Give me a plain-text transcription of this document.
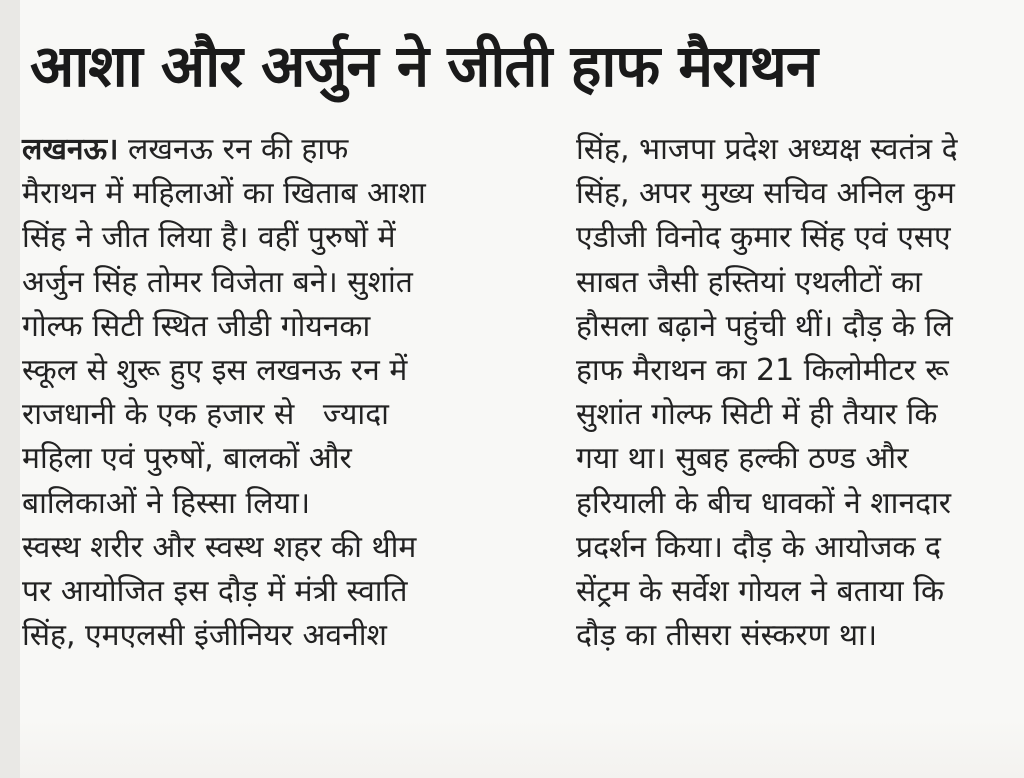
आशा और अर्जुन ने जीती हाफ मैराथन
लखनऊ। लखनऊ रन की हाफ
मैराथन में महिलाओं का खिताब आशा
सिंह ने जीत लिया है। वहीं पुरुषों में
अर्जुन सिंह तोमर विजेता बने। सुशांत
गोल्फ सिटी स्थित जीडी गोयनका
स्कूल से शुरू हुए इस लखनऊ रन में
राजधानी के एक हजार से   ज्यादा
महिला एवं पुरुषों, बालकों और
बालिकाओं ने हिस्सा लिया।
स्वस्थ शरीर और स्वस्थ शहर की थीम
पर आयोजित इस दौड़ में मंत्री स्वाति
सिंह, एमएलसी इंजीनियर अवनीश
सिंह, भाजपा प्रदेश अध्यक्ष स्वतंत्र दे
सिंह, अपर मुख्य सचिव अनिल कुम
एडीजी विनोद कुमार सिंह एवं एसए
साबत जैसी हस्तियां एथलीटों का
हौसला बढ़ाने पहुंची थीं। दौड़ के लि
हाफ मैराथन का 21 किलोमीटर रू
सुशांत गोल्फ सिटी में ही तैयार कि
गया था। सुबह हल्की ठण्ड और
हरियाली के बीच धावकों ने शानदार
प्रदर्शन किया। दौड़ के आयोजक द
सेंट्रम के सर्वेश गोयल ने बताया कि
दौड़ का तीसरा संस्करण था।
